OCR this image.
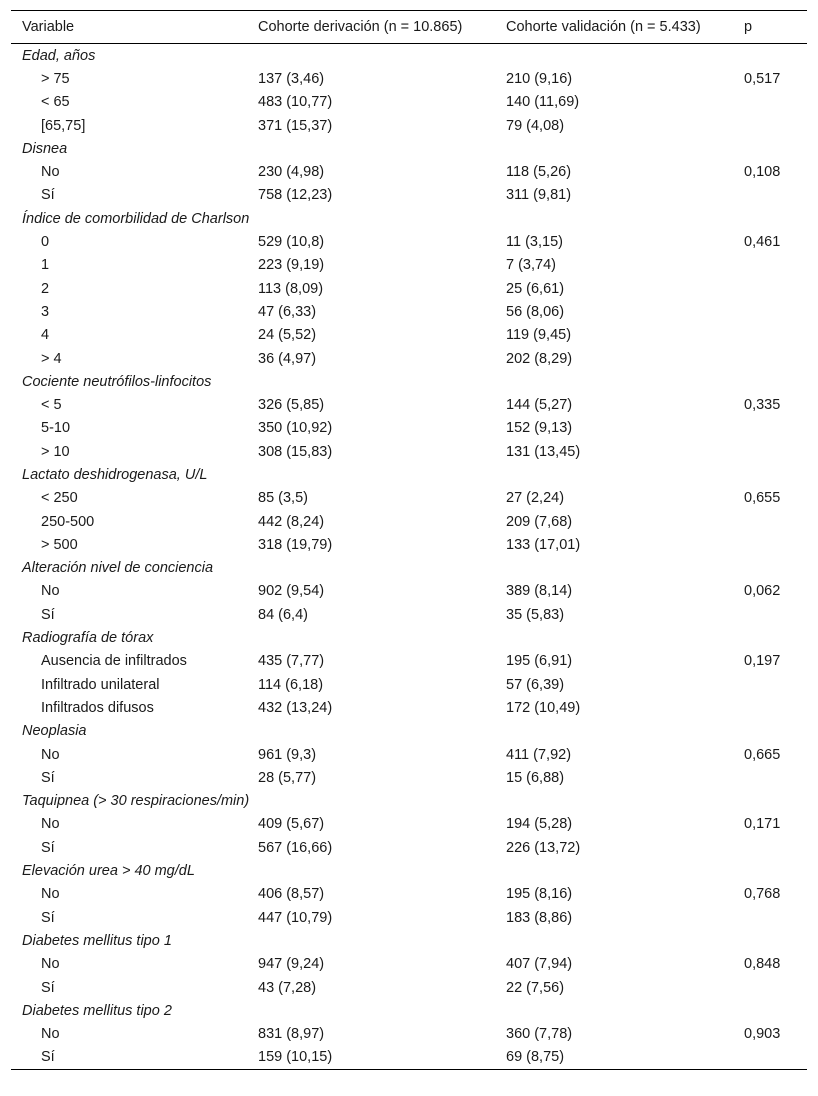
Variable	Cohorte derivación (n = 10.865)	Cohorte validación (n = 5.433)	p
Edad, años			
> 75	137 (3,46)	210 (9,16)	0,517
< 65	483 (10,77)	140 (11,69)	
[65,75]	371 (15,37)	79 (4,08)	
Disnea			
No	230 (4,98)	118 (5,26)	0,108
Sí	758 (12,23)	311 (9,81)	
Índice de comorbilidad de Charlson			
0	529 (10,8)	11 (3,15)	0,461
1	223 (9,19)	7 (3,74)	
2	113 (8,09)	25 (6,61)	
3	47 (6,33)	56 (8,06)	
4	24 (5,52)	119 (9,45)	
> 4	36 (4,97)	202 (8,29)	
Cociente neutrófilos-linfocitos			
< 5	326 (5,85)	144 (5,27)	0,335
5-10	350 (10,92)	152 (9,13)	
> 10	308 (15,83)	131 (13,45)	
Lactato deshidrogenasa, U/L			
< 250	85 (3,5)	27 (2,24)	0,655
250-500	442 (8,24)	209 (7,68)	
> 500	318 (19,79)	133 (17,01)	
Alteración nivel de conciencia			
No	902 (9,54)	389 (8,14)	0,062
Sí	84 (6,4)	35 (5,83)	
Radiografía de tórax			
Ausencia de infiltrados	435 (7,77)	195 (6,91)	0,197
Infiltrado unilateral	114 (6,18)	57 (6,39)	
Infiltrados difusos	432 (13,24)	172 (10,49)	
Neoplasia			
No	961 (9,3)	411 (7,92)	0,665
Sí	28 (5,77)	15 (6,88)	
Taquipnea (> 30 respiraciones/min)			
No	409 (5,67)	194 (5,28)	0,171
Sí	567 (16,66)	226 (13,72)	
Elevación urea > 40 mg/dL			
No	406 (8,57)	195 (8,16)	0,768
Sí	447 (10,79)	183 (8,86)	
Diabetes mellitus tipo 1			
No	947 (9,24)	407 (7,94)	0,848
Sí	43 (7,28)	22 (7,56)	
Diabetes mellitus tipo 2			
No	831 (8,97)	360 (7,78)	0,903
Sí	159 (10,15)	69 (8,75)	
